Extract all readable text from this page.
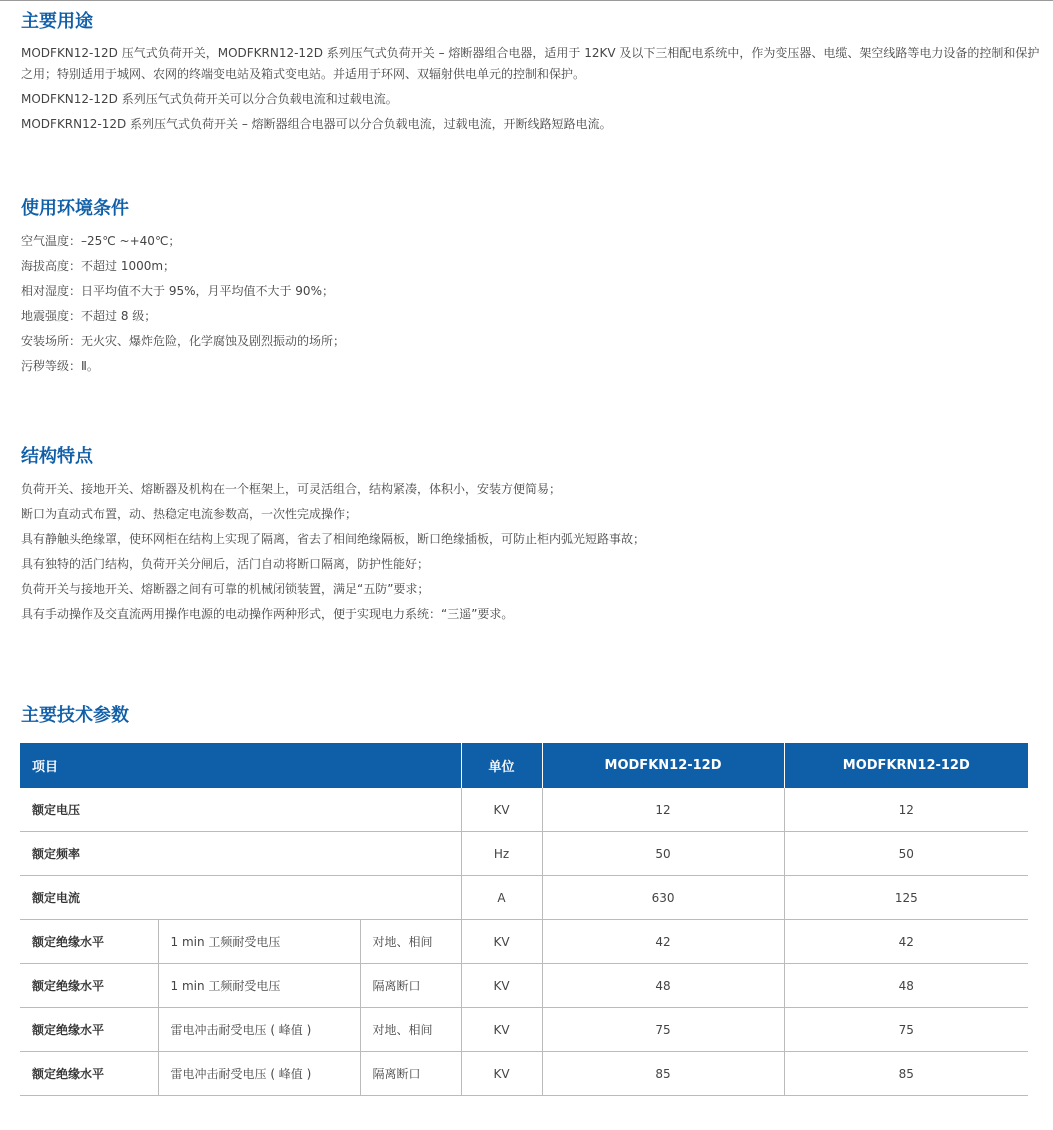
主要用途

MODFKN12-12D 压气式负荷开关，MODFKRN12-12D 系列压气式负荷开关 – 熔断器组合电器，适用于 12KV 及以下三相配电系统中，作为变压器、电缆、架空线路等电力设备的控制和保护之用；特别适用于城网、农网的终端变电站及箱式变电站。并适用于环网、双辐射供电单元的控制和保护。

MODFKN12-12D 系列压气式负荷开关可以分合负载电流和过载电流。

MODFKRN12-12D 系列压气式负荷开关 – 熔断器组合电器可以分合负载电流，过载电流，开断线路短路电流。

使用环境条件

空气温度：–25℃ ~+40℃；

海拔高度：不超过 1000m；

相对湿度：日平均值不大于 95%，月平均值不大于 90%；

地震强度：不超过 8 级；

安装场所：无火灾、爆炸危险，化学腐蚀及剧烈振动的场所；

污秽等级：Ⅱ。

结构特点

负荷开关、接地开关、熔断器及机构在一个框架上，可灵活组合，结构紧凑，体积小，安装方便简易；

断口为直动式布置，动、热稳定电流参数高，一次性完成操作；

具有静触头绝缘罩，使环网柜在结构上实现了隔离，省去了相间绝缘隔板，断口绝缘插板，可防止柜内弧光短路事故；

具有独特的活门结构，负荷开关分闸后，活门自动将断口隔离，防护性能好；

负荷开关与接地开关、熔断器之间有可靠的机械闭锁装置，满足“五防”要求；

具有手动操作及交直流两用操作电源的电动操作两种形式，便于实现电力系统：“三遥”要求。

主要技术参数
项目			单位	MODFKN12-12D	MODFKRN12-12D
额定电压			KV	12	12
额定频率			Hz	50	50
额定电流			A	630	125
额定绝缘水平	1 min 工频耐受电压	对地、相间	KV	42	42
额定绝缘水平	1 min 工频耐受电压	隔离断口	KV	48	48
额定绝缘水平	雷电冲击耐受电压 ( 峰值 )	对地、相间	KV	75	75
额定绝缘水平	雷电冲击耐受电压 ( 峰值 )	隔离断口	KV	85	85
